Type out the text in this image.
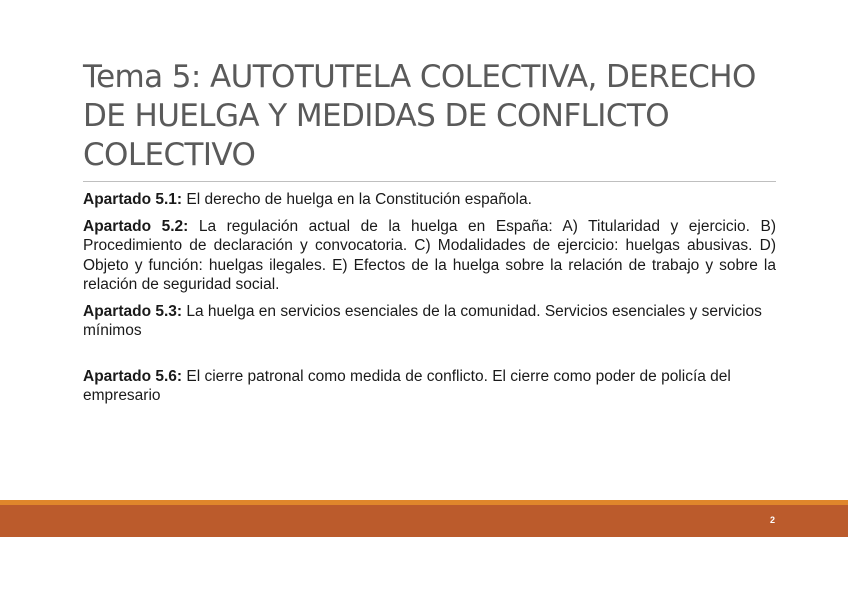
Tema 5: AUTOTUTELA COLECTIVA, DERECHO DE HUELGA Y MEDIDAS DE CONFLICTO COLECTIVO

Apartado 5.1: El derecho de huelga en la Constitución española.

Apartado 5.2: La regulación actual de la huelga en España: A) Titularidad y ejercicio. B) Procedimiento de declaración y convocatoria. C) Modalidades de ejercicio: huelgas abusivas. D) Objeto y función: huelgas ilegales. E) Efectos de la huelga sobre la relación de trabajo y sobre la relación de seguridad social.

Apartado 5.3: La huelga en servicios esenciales de la comunidad. Servicios esenciales y servicios mínimos

Apartado 5.6: El cierre patronal como medida de conflicto. El cierre como poder de policía del empresario

2
